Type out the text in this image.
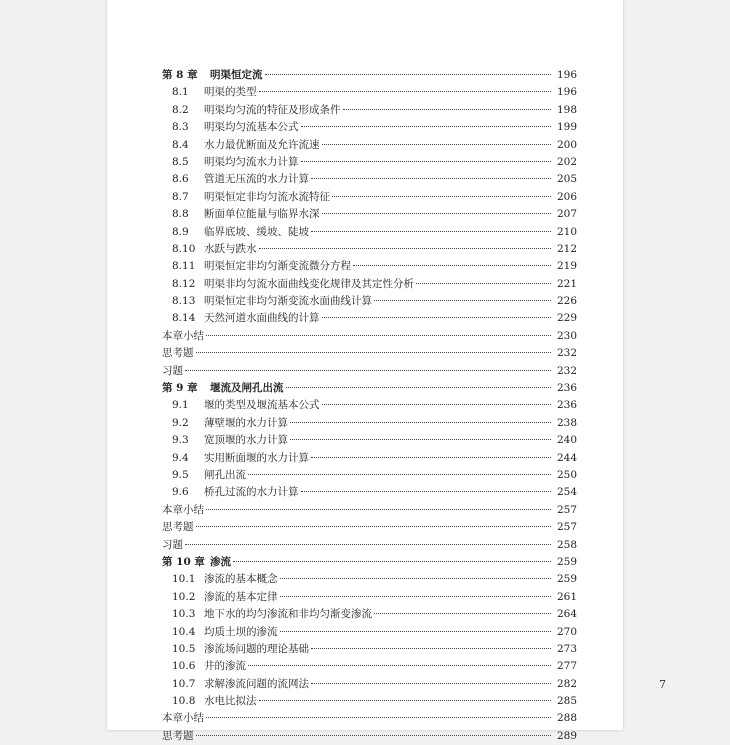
第 8 章	明渠恒定流	196
8.1	明渠的类型	196
8.2	明渠均匀流的特征及形成条件	198
8.3	明渠均匀流基本公式	199
8.4	水力最优断面及允许流速	200
8.5	明渠均匀流水力计算	202
8.6	管道无压流的水力计算	205
8.7	明渠恒定非均匀流水流特征	206
8.8	断面单位能量与临界水深	207
8.9	临界底坡、缓坡、陡坡	210
8.10 水跃与跌水	212
8.11 明渠恒定非均匀渐变流微分方程	219
8.12 明渠非均匀流水面曲线变化规律及其定性分析	221
8.13 明渠恒定非均匀渐变流水面曲线计算	226
8.14 天然河道水面曲线的计算	229
本章小结	230
思考题	232
习题	232
第 9 章	堰流及闸孔出流	236
9.1	堰的类型及堰流基本公式	236
9.2	薄壁堰的水力计算	238
9.3	宽顶堰的水力计算	240
9.4	实用断面堰的水力计算	244
9.5	闸孔出流	250
9.6	桥孔过流的水力计算	254
本章小结	257
思考题	257
习题	258
第 10 章 渗流	259
10.1 渗流的基本概念	259
10.2 渗流的基本定律	261
10.3 地下水的均匀渗流和非均匀渐变渗流	264
10.4 均质土坝的渗流	270
10.5 渗流场问题的理论基础	273
10.6 井的渗流	277
10.7 求解渗流问题的流网法	282
10.8 水电比拟法	285
本章小结	288
思考题	289
7
